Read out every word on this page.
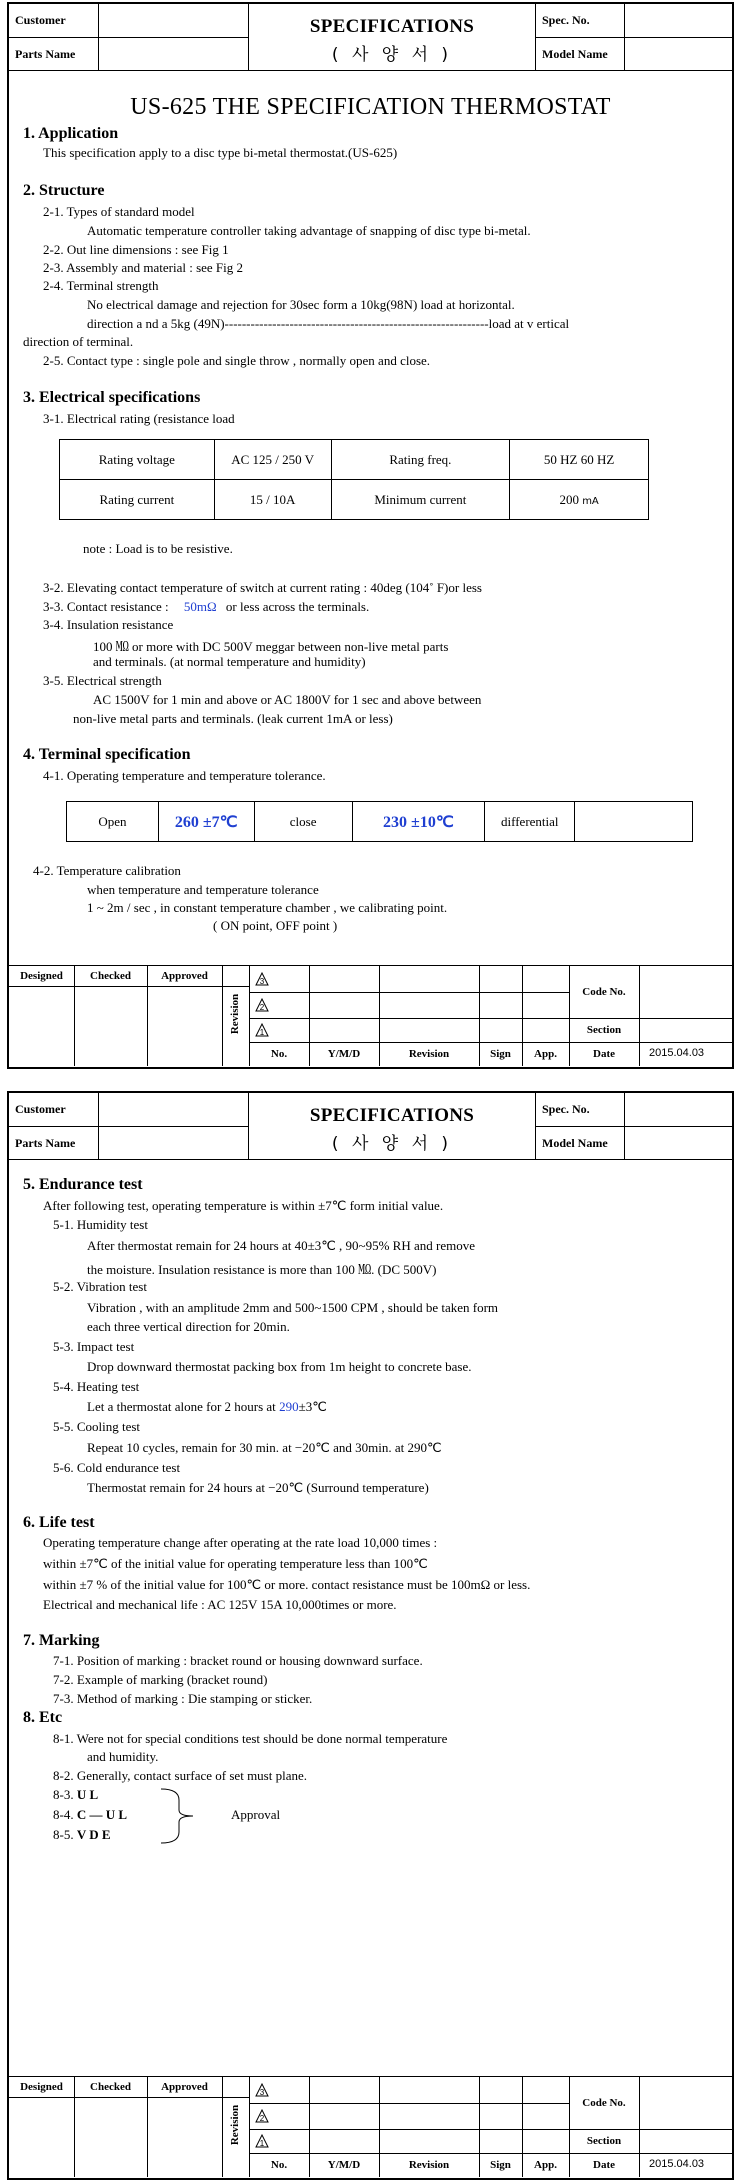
Customer
Parts Name
SPECIFICATIONS
( 사 양 서 )
Spec. No.
Model Name
US-625 THE SPECIFICATION THERMOSTAT
1. Application
This specification apply to a disc type bi-metal thermostat.(US-625)
2. Structure
2-1. Types of standard model
Automatic temperature controller taking advantage of snapping of disc type bi-metal.
2-2. Out line dimensions : see Fig 1
2-3. Assembly and material : see Fig 2
2-4. Terminal strength
No electrical damage and rejection for 30sec form a 10kg(98N) load at horizontal.
direction a nd a 5kg (49N)-------------------------------------------------------------load at v ertical
direction of terminal.
2-5. Contact type : single pole and single throw , normally open and close.
3. Electrical specifications
3-1. Electrical rating (resistance load
Rating voltage	AC 125 / 250 V	Rating freq.	50 HZ 60 HZ
Rating current	15 / 10A	Minimum current	200 mA
note : Load is to be resistive.
3-2. Elevating contact temperature of switch at current rating : 40deg (104˚ F)or less
3-3. Contact resistance : 50mΩ or less across the terminals.
3-4. Insulation resistance
100 ㏁ or more with DC 500V meggar between non-live metal parts
and terminals. (at normal temperature and humidity)
3-5. Electrical strength
AC 1500V for 1 min and above or AC 1800V for 1 sec and above between
non-live metal parts and terminals. (leak current 1mA or less)
4. Terminal specification
4-1. Operating temperature and temperature tolerance.
Open	260 ±7℃	close	230 ±10℃	differential	
4-2. Temperature calibration
when temperature and temperature tolerance
1 ~ 2m / sec , in constant temperature chamber , we calibrating point.
( ON point, OFF point )
Designed	Checked	Approved
Revision
3
2
1
No.	Y/M/D	Revision	Sign	App.
Code No.
Section
Date	2015.04.03
Customer
Parts Name
SPECIFICATIONS
( 사 양 서 )
Spec. No.
Model Name
5. Endurance test
After following test, operating temperature is within ±7℃ form initial value.
5-1. Humidity test
After thermostat remain for 24 hours at 40±3℃ , 90~95% RH and remove
the moisture. Insulation resistance is more than 100 ㏁. (DC 500V)
5-2. Vibration test
Vibration , with an amplitude 2mm and 500~1500 CPM , should be taken form
each three vertical direction for 20min.
5-3. Impact test
Drop downward thermostat packing box from 1m height to concrete base.
5-4. Heating test
Let a thermostat alone for 2 hours at 290±3℃
5-5. Cooling test
Repeat 10 cycles, remain for 30 min. at −20℃ and 30min. at 290℃
5-6. Cold endurance test
Thermostat remain for 24 hours at −20℃ (Surround temperature)
6. Life test
Operating temperature change after operating at the rate load 10,000 times :
within ±7℃ of the initial value for operating temperature less than 100℃
within ±7 % of the initial value for 100℃ or more. contact resistance must be 100mΩ or less.
Electrical and mechanical life : AC 125V 15A 10,000times or more.
7. Marking
7-1. Position of marking : bracket round or housing downward surface.
7-2. Example of marking (bracket round)
7-3. Method of marking : Die stamping or sticker.
8. Etc
8-1. Were not for special conditions test should be done normal temperature
and humidity.
8-2. Generally, contact surface of set must plane.
8-3. U L
8-4. C — U L
8-5. V D E
Approval
Designed	Checked	Approved
Revision
3
2
1
No.	Y/M/D	Revision	Sign	App.
Code No.
Section
Date	2015.04.03
